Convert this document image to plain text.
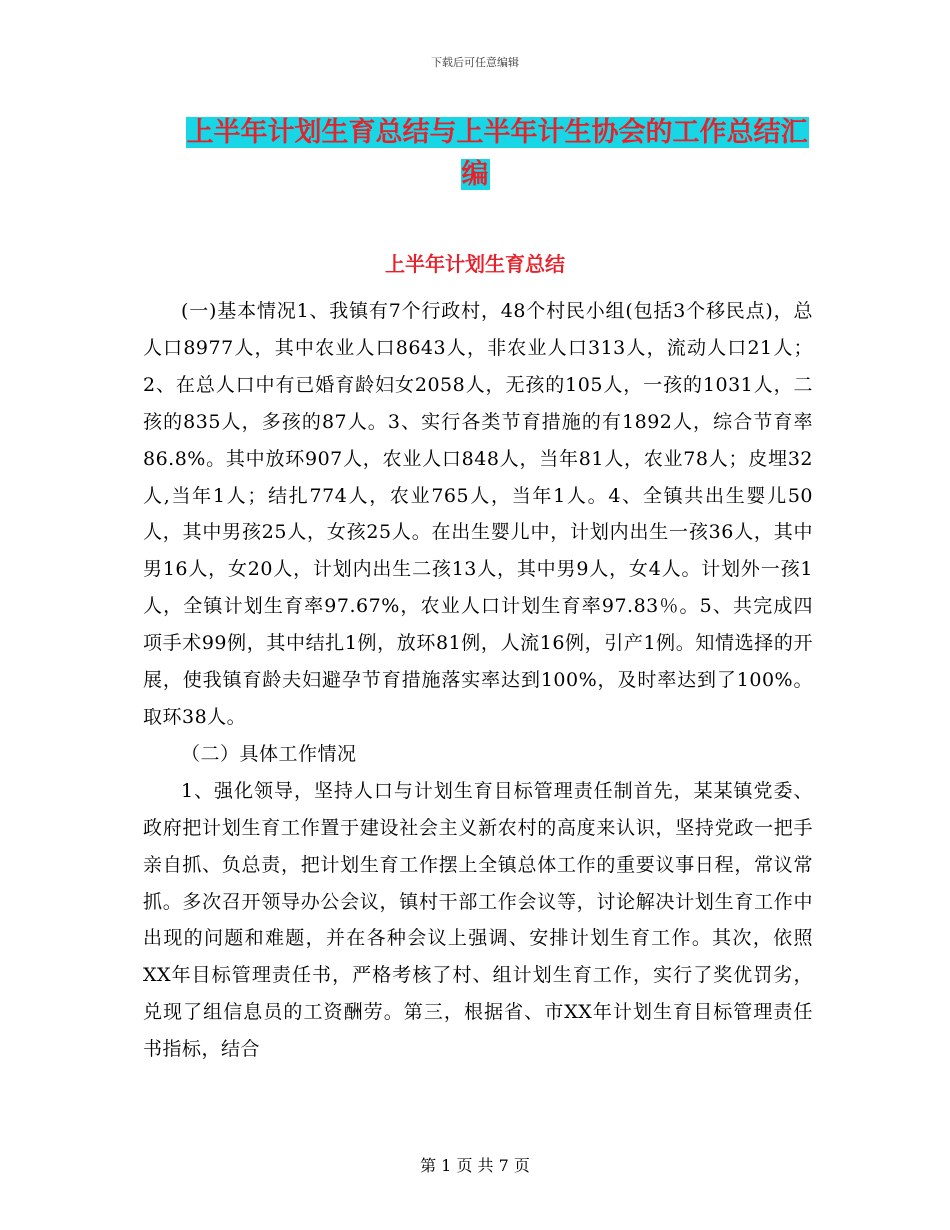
下载后可任意编辑
上半年计划生育总结与上半年计生协会的工作总结汇
编
上半年计划生育总结

(一)基本情况1、我镇有7个行政村，48个村民小组(包括3个移民点)，总人口8977人，其中农业人口8643人，非农业人口313人，流动人口21人；2、在总人口中有已婚育龄妇女2058人，无孩的105人，一孩的1031人，二孩的835人，多孩的87人。3、实行各类节育措施的有1892人，综合节育率86.8%。其中放环907人，农业人口848人，当年81人，农业78人；皮埋32人,当年1人；结扎774人，农业765人，当年1人。4、全镇共出生婴儿50人，其中男孩25人，女孩25人。在出生婴儿中，计划内出生一孩36人，其中男16人，女20人，计划内出生二孩13人，其中男9人，女4人。计划外一孩1人，全镇计划生育率97.67%，农业人口计划生育率97.83％。5、共完成四项手术99例，其中结扎1例，放环81例，人流16例，引产1例。知情选择的开展，使我镇育龄夫妇避孕节育措施落实率达到100%，及时率达到了100%。取环38人。

（二）具体工作情况

1、强化领导，坚持人口与计划生育目标管理责任制首先，某某镇党委、政府把计划生育工作置于建设社会主义新农村的高度来认识，坚持党政一把手亲自抓、负总责，把计划生育工作摆上全镇总体工作的重要议事日程，常议常抓。多次召开领导办公会议，镇村干部工作会议等，讨论解决计划生育工作中出现的问题和难题，并在各种会议上强调、安排计划生育工作。其次，依照XX年目标管理责任书，严格考核了村、组计划生育工作，实行了奖优罚劣，兑现了组信息员的工资酬劳。第三，根据省、市XX年计划生育目标管理责任书指标，结合

第 1 页 共 7 页
